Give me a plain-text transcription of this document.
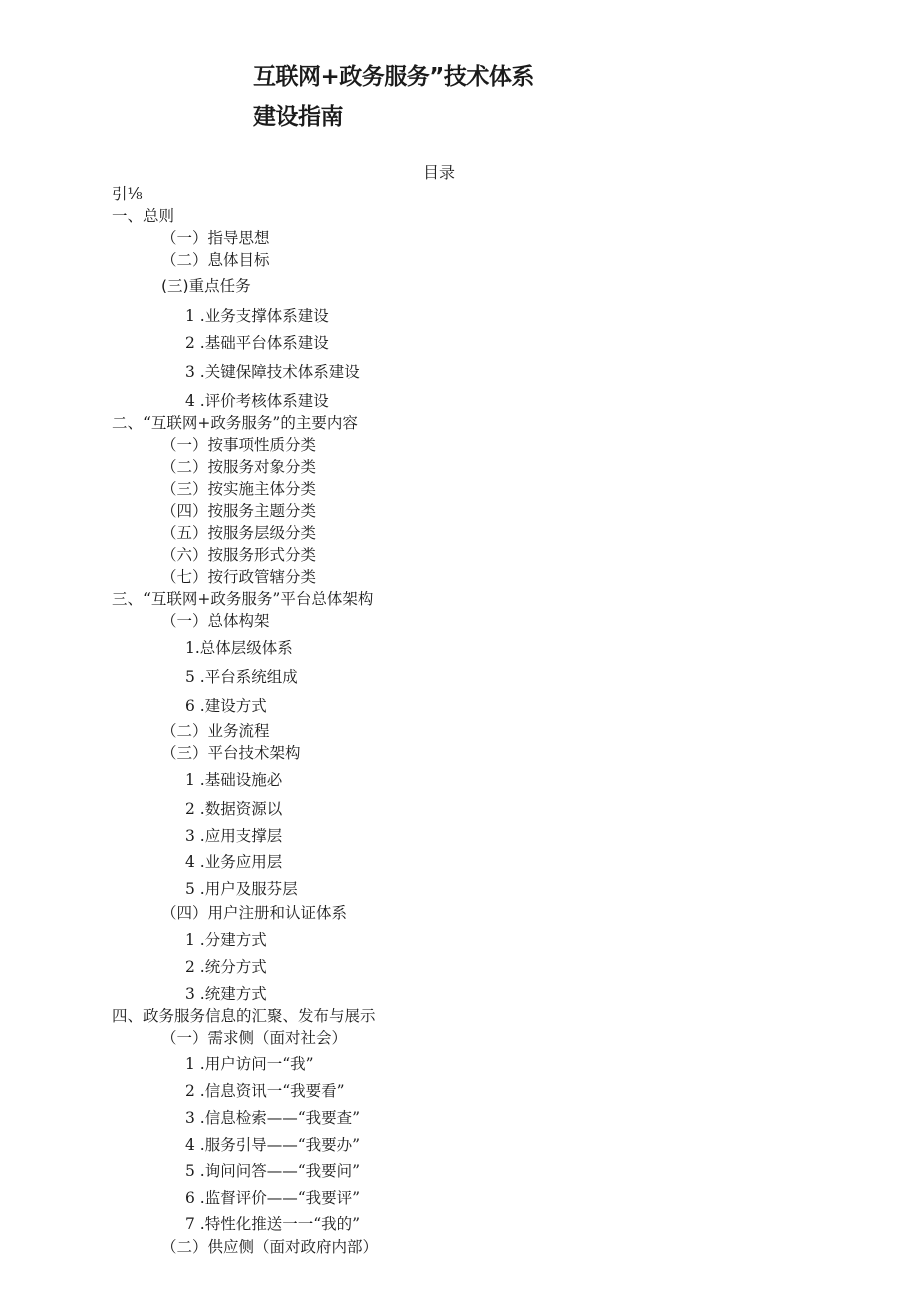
互联网+政务服务”技术体系
建设指南
目录
引⅛
一、总则
（一）指导思想
（二）息体目标
(三)重点任务
1 .业务支撑体系建设
2 .基础平台体系建设
3 .关键保障技术体系建设
4 .评价考核体系建设
二、“互联网+政务服务”的主要内容
（一）按事项性质分类
（二）按服务对象分类
（三）按实施主体分类
（四）按服务主题分类
（五）按服务层级分类
（六）按服务形式分类
（七）按行政管辖分类
三、“互联网+政务服务”平台总体架构
（一）总体构架
1.总体层级体系
5 .平台系统组成
6 .建设方式
（二）业务流程
（三）平台技术架构
1 .基础设施必
2 .数据资源以
3 .应用支撑层
4 .业务应用层
5 .用户及服芬层
（四）用户注册和认证体系
1 .分建方式
2 .统分方式
3 .统建方式
四、政务服务信息的汇聚、发布与展示
（一）需求侧（面对社会）
1 .用户访问一“我”
2 .信息资讯一“我要看”
3 .信息检索——“我要查”
4 .服务引导——“我要办”
5 .询问问答——“我要问”
6 .监督评价——“我要评”
7 .特性化推送一一“我的”
（二）供应侧（面对政府内部）
